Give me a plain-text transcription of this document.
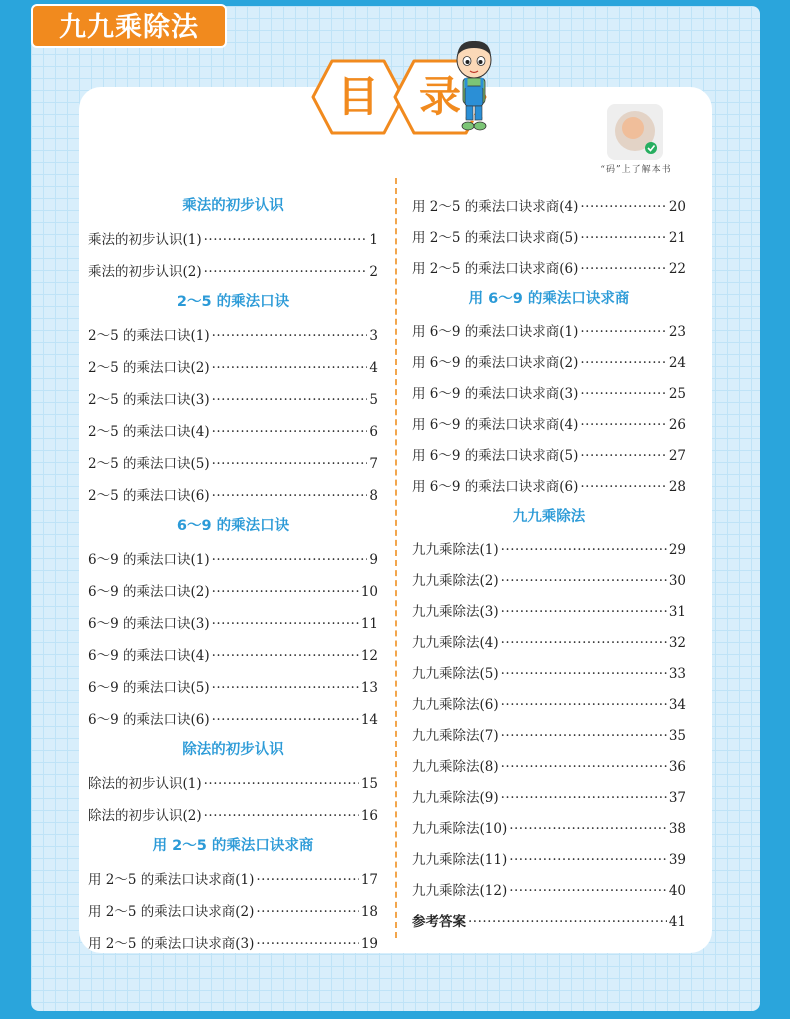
九九乘除法
目 录
“码”上了解本书
乘法的初步认识
乘法的初步认识(1) ·····	1
乘法的初步认识(2) ·····	2
2～5 的乘法口诀
2～5 的乘法口诀(1) ·····	3
2～5 的乘法口诀(2) ·····	4
2～5 的乘法口诀(3) ·····	5
2～5 的乘法口诀(4) ·····	6
2～5 的乘法口诀(5) ·····	7
2～5 的乘法口诀(6) ·····	8
6～9 的乘法口诀
6～9 的乘法口诀(1) ·····	9
6～9 的乘法口诀(2) ·····	10
6～9 的乘法口诀(3) ·····	11
6～9 的乘法口诀(4) ·····	12
6～9 的乘法口诀(5) ·····	13
6～9 的乘法口诀(6) ·····	14
除法的初步认识
除法的初步认识(1) ·····	15
除法的初步认识(2) ·····	16
用 2～5 的乘法口诀求商
用 2～5 的乘法口诀求商(1) ·····	17
用 2～5 的乘法口诀求商(2) ·····	18
用 2～5 的乘法口诀求商(3) ·····	19
用 2～5 的乘法口诀求商(4) ·····	20
用 2～5 的乘法口诀求商(5) ·····	21
用 2～5 的乘法口诀求商(6) ·····	22
用 6～9 的乘法口诀求商
用 6～9 的乘法口诀求商(1) ·····	23
用 6～9 的乘法口诀求商(2) ·····	24
用 6～9 的乘法口诀求商(3) ·····	25
用 6～9 的乘法口诀求商(4) ·····	26
用 6～9 的乘法口诀求商(5) ·····	27
用 6～9 的乘法口诀求商(6) ·····	28
九九乘除法
九九乘除法(1) ·····	29
九九乘除法(2) ·····	30
九九乘除法(3) ·····	31
九九乘除法(4) ·····	32
九九乘除法(5) ·····	33
九九乘除法(6) ·····	34
九九乘除法(7) ·····	35
九九乘除法(8) ·····	36
九九乘除法(9) ·····	37
九九乘除法(10) ·····	38
九九乘除法(11) ·····	39
九九乘除法(12) ·····	40
参考答案 ·····	41
